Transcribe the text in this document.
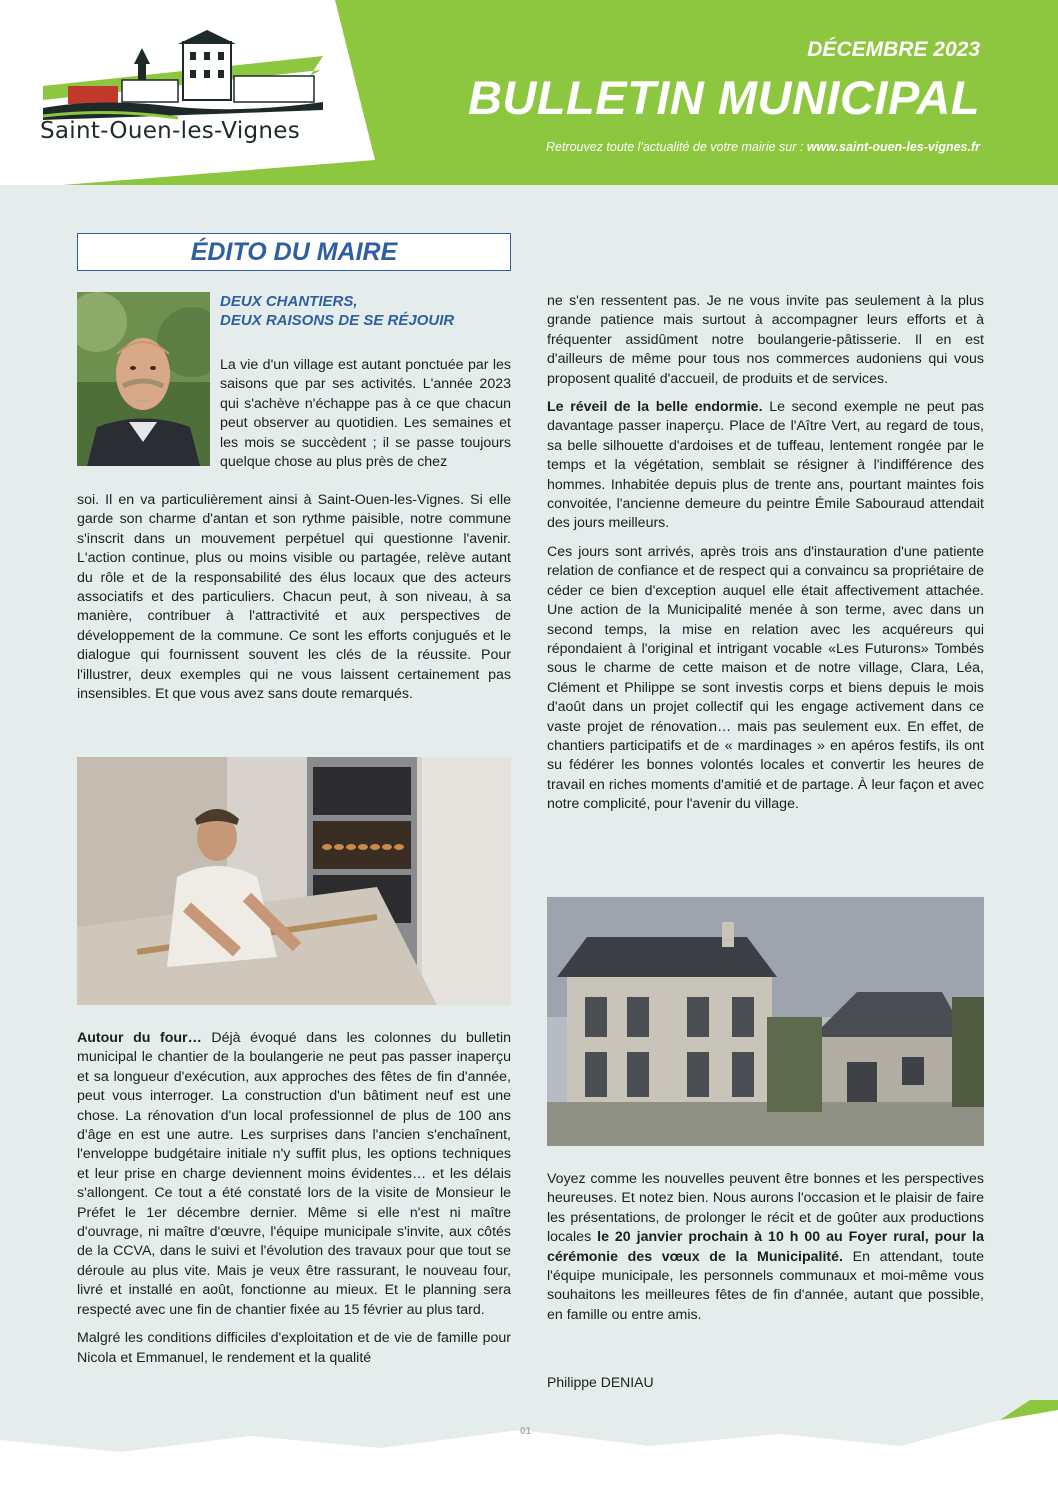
Saint-Ouen-les-Vignes
DÉCEMBRE 2023
BULLETIN MUNICIPAL
Retrouvez toute l'actualité de votre mairie sur : www.saint-ouen-les-vignes.fr
ÉDITO DU MAIRE
DEUX CHANTIERS,
DEUX RAISONS DE SE RÉJOUIR

La vie d'un village est autant ponctuée par les saisons que par ses activités. L'année 2023 qui s'achève n'échappe pas à ce que chacun peut observer au quotidien. Les semaines et les mois se succèdent ; il se passe toujours quelque chose au plus près de chez

soi. Il en va particulièrement ainsi à Saint-Ouen-les-Vignes. Si elle garde son charme d'antan et son rythme paisible, notre commune s'inscrit dans un mouvement perpétuel qui questionne l'avenir. L'action continue, plus ou moins visible ou partagée, relève autant du rôle et de la responsabilité des élus locaux que des acteurs associatifs et des particuliers. Chacun peut, à son niveau, à sa manière, contribuer à l'attractivité et aux perspectives de développement de la commune. Ce sont les efforts conjugués et le dialogue qui fournissent souvent les clés de la réussite. Pour l'illustrer, deux exemples qui ne vous laissent certainement pas insensibles. Et que vous avez sans doute remarqués.

Autour du four… Déjà évoqué dans les colonnes du bulletin municipal le chantier de la boulangerie ne peut pas passer inaperçu et sa longueur d'exécution, aux approches des fêtes de fin d'année, peut vous interroger. La construction d'un bâtiment neuf est une chose. La rénovation d'un local professionnel de plus de 100 ans d'âge en est une autre. Les surprises dans l'ancien s'enchaînent, l'enveloppe budgétaire initiale n'y suffit plus, les options techniques et leur prise en charge deviennent moins évidentes… et les délais s'allongent. Ce tout a été constaté lors de la visite de Monsieur le Préfet le 1er décembre dernier. Même si elle n'est ni maître d'ouvrage, ni maître d'œuvre, l'équipe municipale s'invite, aux côtés de la CCVA, dans le suivi et l'évolution des travaux pour que tout se déroule au plus vite. Mais je veux être rassurant, le nouveau four, livré et installé en août, fonctionne au mieux. Et le planning sera respecté avec une fin de chantier fixée au 15 février au plus tard.

Malgré les conditions difficiles d'exploitation et de vie de famille pour Nicola et Emmanuel, le rendement et la qualité

ne s'en ressentent pas. Je ne vous invite pas seulement à la plus grande patience mais surtout à accompagner leurs efforts et à fréquenter assidûment notre boulangerie-pâtisserie. Il en est d'ailleurs de même pour tous nos commerces audoniens qui vous proposent qualité d'accueil, de produits et de services.

Le réveil de la belle endormie. Le second exemple ne peut pas davantage passer inaperçu. Place de l'Aître Vert, au regard de tous, sa belle silhouette d'ardoises et de tuffeau, lentement rongée par le temps et la végétation, semblait se résigner à l'indifférence des hommes. Inhabitée depuis plus de trente ans, pourtant maintes fois convoitée, l'ancienne demeure du peintre Émile Sabouraud attendait des jours meilleurs.

Ces jours sont arrivés, après trois ans d'instauration d'une patiente relation de confiance et de respect qui a convaincu sa propriétaire de céder ce bien d'exception auquel elle était affectivement attachée. Une action de la Municipalité menée à son terme, avec dans un second temps, la mise en relation avec les acquéreurs qui répondaient à l'original et intrigant vocable «Les Futurons» Tombés sous le charme de cette maison et de notre village, Clara, Léa, Clément et Philippe se sont investis corps et biens depuis le mois d'août dans un projet collectif qui les engage activement dans ce vaste projet de rénovation… mais pas seulement eux. En effet, de chantiers participatifs et de « mardinages » en apéros festifs, ils ont su fédérer les bonnes volontés locales et convertir les heures de travail en riches moments d'amitié et de partage. À leur façon et avec notre complicité, pour l'avenir du village.

Voyez comme les nouvelles peuvent être bonnes et les perspectives heureuses. Et notez bien. Nous aurons l'occasion et le plaisir de faire les présentations, de prolonger le récit et de goûter aux productions locales le 20 janvier prochain à 10 h 00 au Foyer rural, pour la cérémonie des vœux de la Municipalité. En attendant, toute l'équipe municipale, les personnels communaux et moi-même vous souhaitons les meilleures fêtes de fin d'année, autant que possible, en famille ou entre amis.

Philippe DENIAU
01
